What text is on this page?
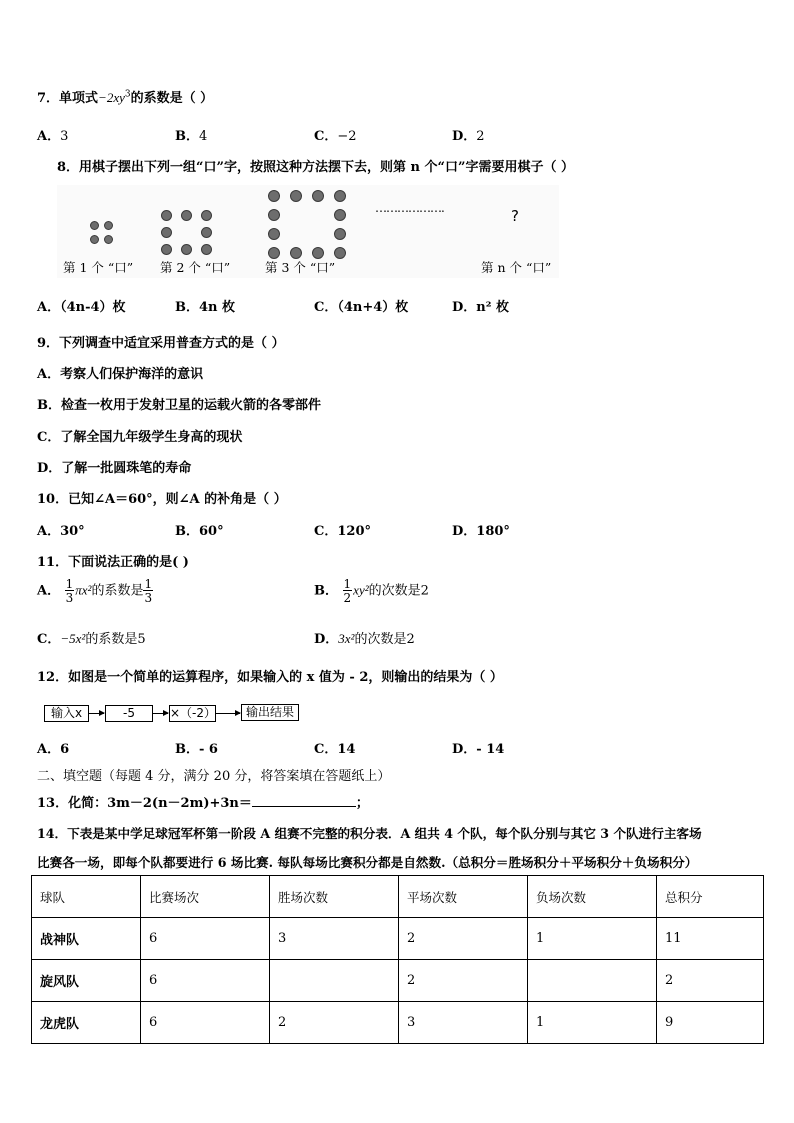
7．单项式$-2xy^3$的系数是（ ）
A．3	B．4	C．−2	D．2
8．用棋子摆出下列一组“口”字，按照这种方法摆下去，则第 n 个“口”字需要用棋子（ ）
……………….	?
第 1 个 “口” 第 2 个 “口”	第 3 个 “口”	第 n 个 “口”
A．（4n-4）枚	B．4n 枚	C．（4n+4）枚	D．n² 枚
9．下列调查中适宜采用普查方式的是（ ）
A．考察人们保护海洋的意识
B．检查一枚用于发射卫星的运载火箭的各零部件
C．了解全国九年级学生身高的现状
D．了解一批圆珠笔的寿命
10．已知∠A＝60°，则∠A 的补角是（ ）
A．30°	B．60°	C．120°	D．180°
11．下面说法正确的是( )
A． $\frac{1}{3} \pi x^2$的系数是 $\frac{1}{3}$	B． $\frac{1}{2} xy^2$的次数是2
C．−5x²的系数是5	D．3x²的次数是2
12．如图是一个简单的运算程序，如果输入的 x 值为 - 2，则输出的结果为（ ）
输入x	-5	×（-2）	输出结果
A．6	B．- 6	C．14	D．- 14
二、填空题（每题 4 分，满分 20 分，将答案填在答题纸上）
13．化简：3m－2(n－2m)+3n＝	；
14．下表是某中学足球冠军杯第一阶段 A 组赛不完整的积分表．A 组共 4 个队，每个队分别与其它 3 个队进行主客场
比赛各一场，即每个队都要进行 6 场比赛. 每队每场比赛积分都是自然数.（总积分＝胜场积分＋平场积分＋负场积分）
球队	比赛场次	胜场次数	平场次数	负场次数	总积分
战神队	6	3	2	1	11
旋风队	6		2		2
龙虎队	6	2	3	1	9
